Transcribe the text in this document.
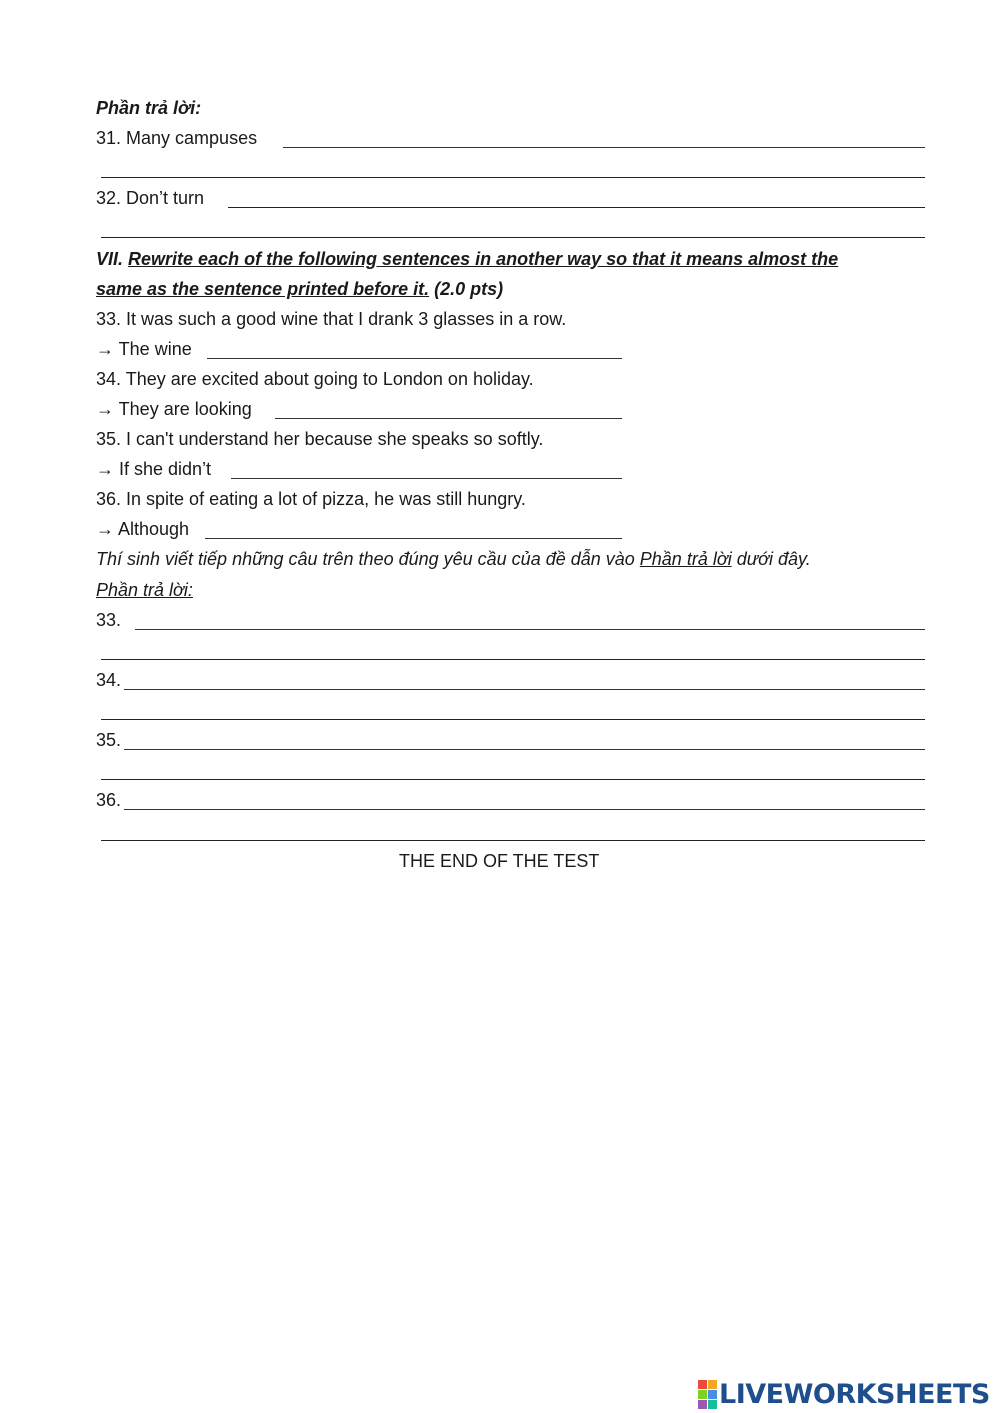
Phần trả lời:
31. Many campuses
32. Don’t turn
VII. Rewrite each of the following sentences in another way so that it means almost the
same as the sentence printed before it. (2.0 pts)
33. It was such a good wine that I drank 3 glasses in a row.
→ The wine
34. They are excited about going to London on holiday.
→ They are looking
35. I can't understand her because she speaks so softly.
→ If she didn’t
36. In spite of eating a lot of pizza, he was still hungry.
→ Although
Thí sinh viết tiếp những câu trên theo đúng yêu cầu của đề dẫn vào Phần trả lời dưới đây.
Phần trả lời:
33.
34.
35.
36.
THE END OF THE TEST
LIVEWORKSHEETS
